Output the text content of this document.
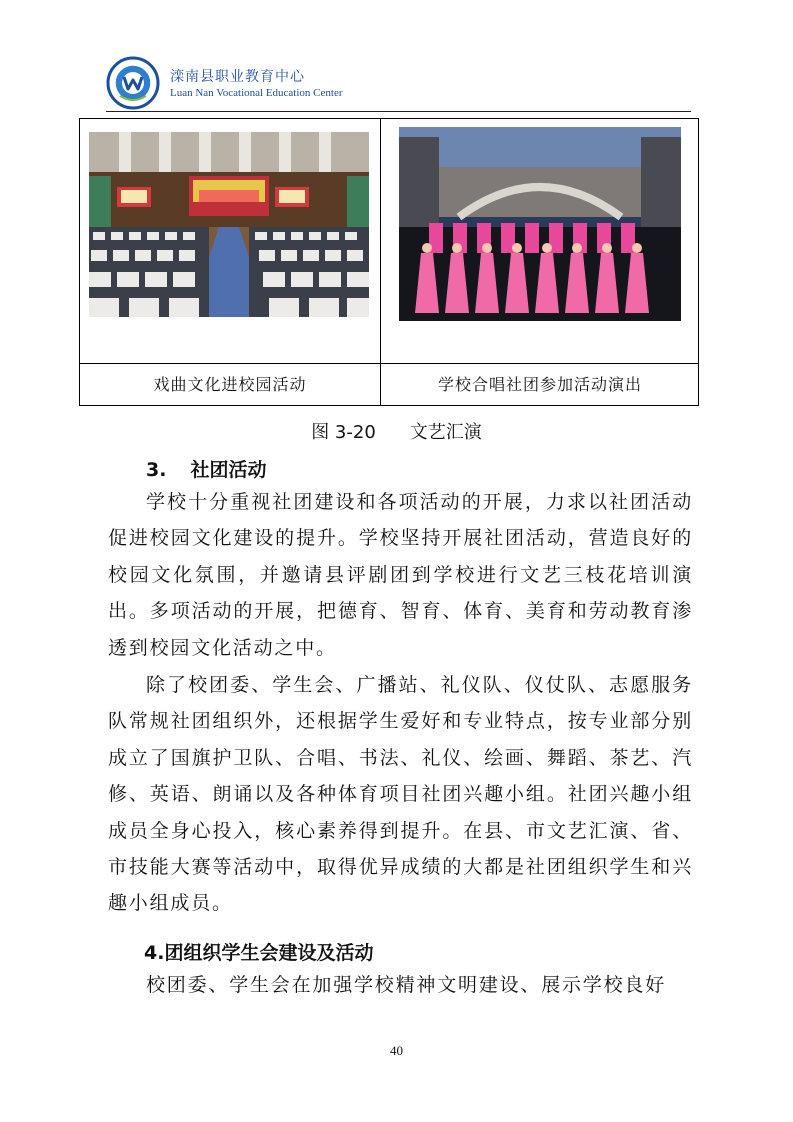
滦南县职业教育中心
Luan Nan Vocational Education Center
戏曲文化进校园活动	学校合唱社团参加活动演出
图 3-20 文艺汇演
3. 社团活动

学校十分重视社团建设和各项活动的开展，力求以社团活动促进校园文化建设的提升。学校坚持开展社团活动，营造良好的校园文化氛围，并邀请县评剧团到学校进行文艺三枝花培训演出。多项活动的开展，把德育、智育、体育、美育和劳动教育渗透到校园文化活动之中。

除了校团委、学生会、广播站、礼仪队、仪仗队、志愿服务队常规社团组织外，还根据学生爱好和专业特点，按专业部分别成立了国旗护卫队、合唱、书法、礼仪、绘画、舞蹈、茶艺、汽修、英语、朗诵以及各种体育项目社团兴趣小组。社团兴趣小组成员全身心投入，核心素养得到提升。在县、市文艺汇演、省、市技能大赛等活动中，取得优异成绩的大都是社团组织学生和兴趣小组成员。

4.团组织学生会建设及活动

校团委、学生会在加强学校精神文明建设、展示学校良好

40
